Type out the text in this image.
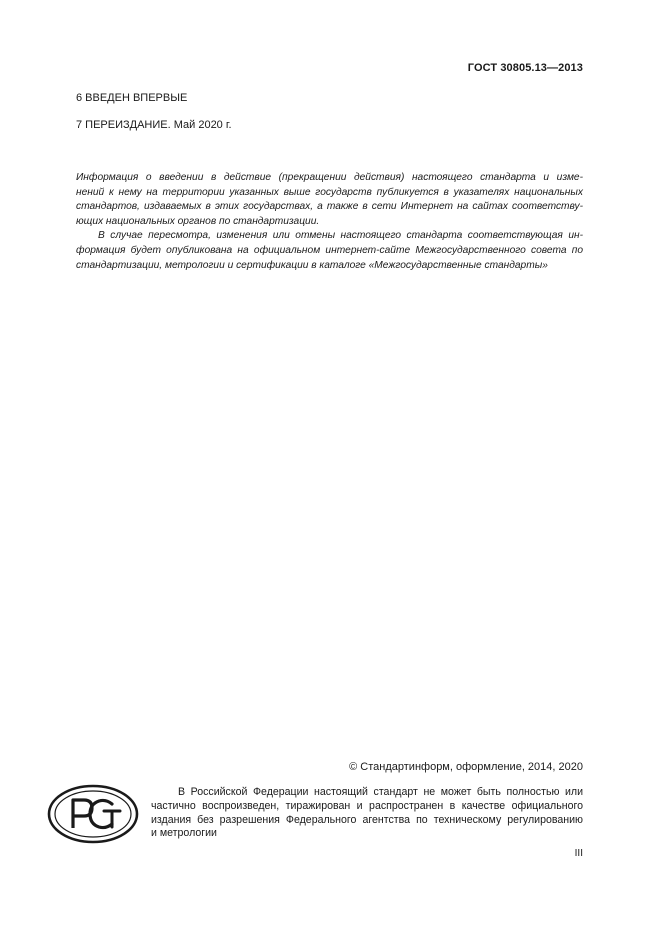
ГОСТ 30805.13—2013
6 ВВЕДЕН ВПЕРВЫЕ
7 ПЕРЕИЗДАНИЕ. Май 2020 г.
Информация о введении в действие (прекращении действия) настоящего стандарта и изме-
нений к нему на территории указанных выше государств публикуется в указателях национальных
стандартов, издаваемых в этих государствах, а также в сети Интернет на сайтах соответству-
ющих национальных органов по стандартизации.
В случае пересмотра, изменения или отмены настоящего стандарта соответствующая ин-
формация будет опубликована на официальном интернет-сайте Межгосударственного совета по
стандартизации, метрологии и сертификации в каталоге «Межгосударственные стандарты»
© Стандартинформ, оформление, 2014, 2020
РСТ
В Российской Федерации настоящий стандарт не может быть полностью или
частично воспроизведен, тиражирован и распространен в качестве официального
издания без разрешения Федерального агентства по техническому регулированию
и метрологии
III
